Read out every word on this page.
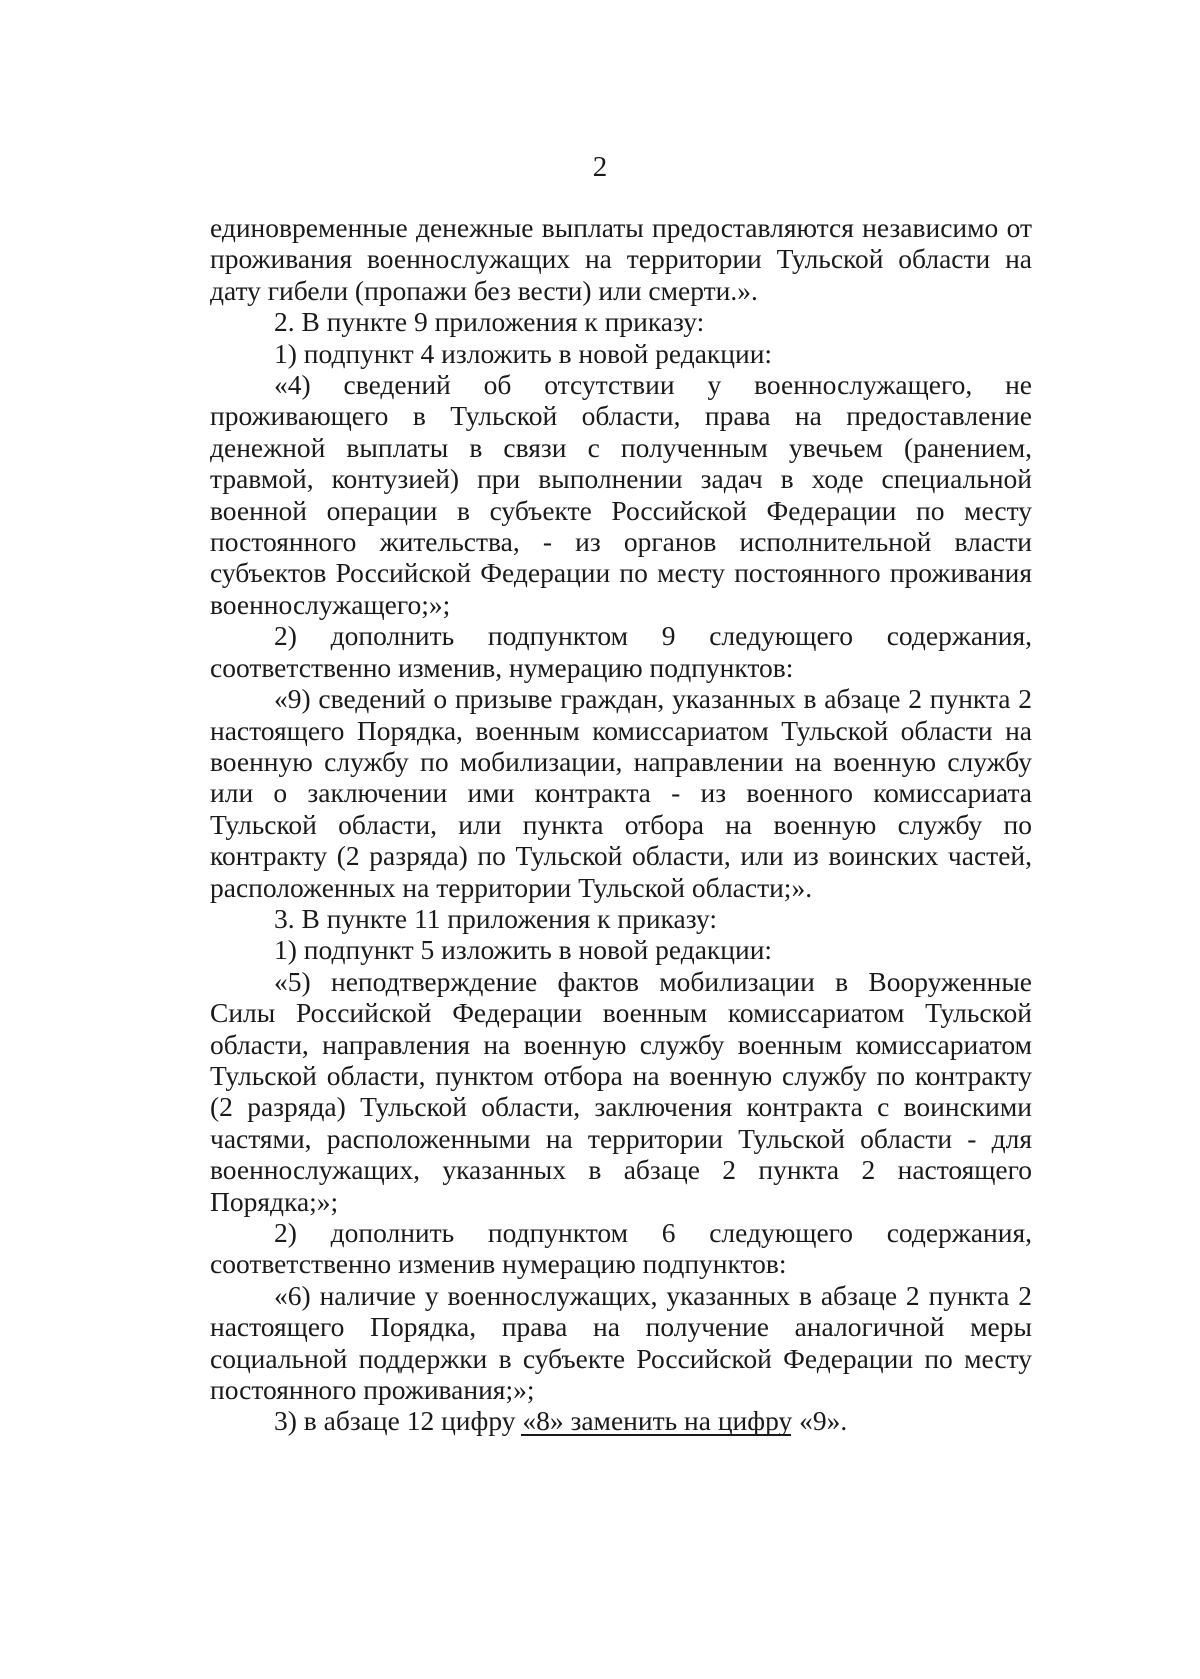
2

единовременные денежные выплаты предоставляются независимо от проживания военнослужащих на территории Тульской области на дату гибели (пропажи без вести) или смерти.».

2. В пункте 9 приложения к приказу:

1) подпункт 4 изложить в новой редакции:

«4) сведений об отсутствии у военнослужащего, не проживающего в Тульской области, права на предоставление денежной выплаты в связи с полученным увечьем (ранением, травмой, контузией) при выполнении задач в ходе специальной военной операции в субъекте Российской Федерации по месту постоянного жительства, - из органов исполнительной власти субъектов Российской Федерации по месту постоянного проживания военнослужащего;»;

2) дополнить подпунктом 9 следующего содержания, соответственно изменив, нумерацию подпунктов:

«9) сведений о призыве граждан, указанных в абзаце 2 пункта 2 настоящего Порядка, военным комиссариатом Тульской области на военную службу по мобилизации, направлении на военную службу или о заключении ими контракта - из военного комиссариата Тульской области, или пункта отбора на военную службу по контракту (2 разряда) по Тульской области, или из воинских частей, расположенных на территории Тульской области;».

3. В пункте 11 приложения к приказу:

1) подпункт 5 изложить в новой редакции:

«5) неподтверждение фактов мобилизации в Вооруженные Силы Российской Федерации военным комиссариатом Тульской области, направления на военную службу военным комиссариатом Тульской области, пунктом отбора на военную службу по контракту (2 разряда) Тульской области, заключения контракта с воинскими частями, расположенными на территории Тульской области - для военнослужащих, указанных в абзаце 2 пункта 2 настоящего Порядка;»;

2) дополнить подпунктом 6 следующего содержания, соответственно изменив нумерацию подпунктов:

«6) наличие у военнослужащих, указанных в абзаце 2 пункта 2 настоящего Порядка, права на получение аналогичной меры социальной поддержки в субъекте Российской Федерации по месту постоянного проживания;»;

3) в абзаце 12 цифру «8» заменить на цифру «9».
